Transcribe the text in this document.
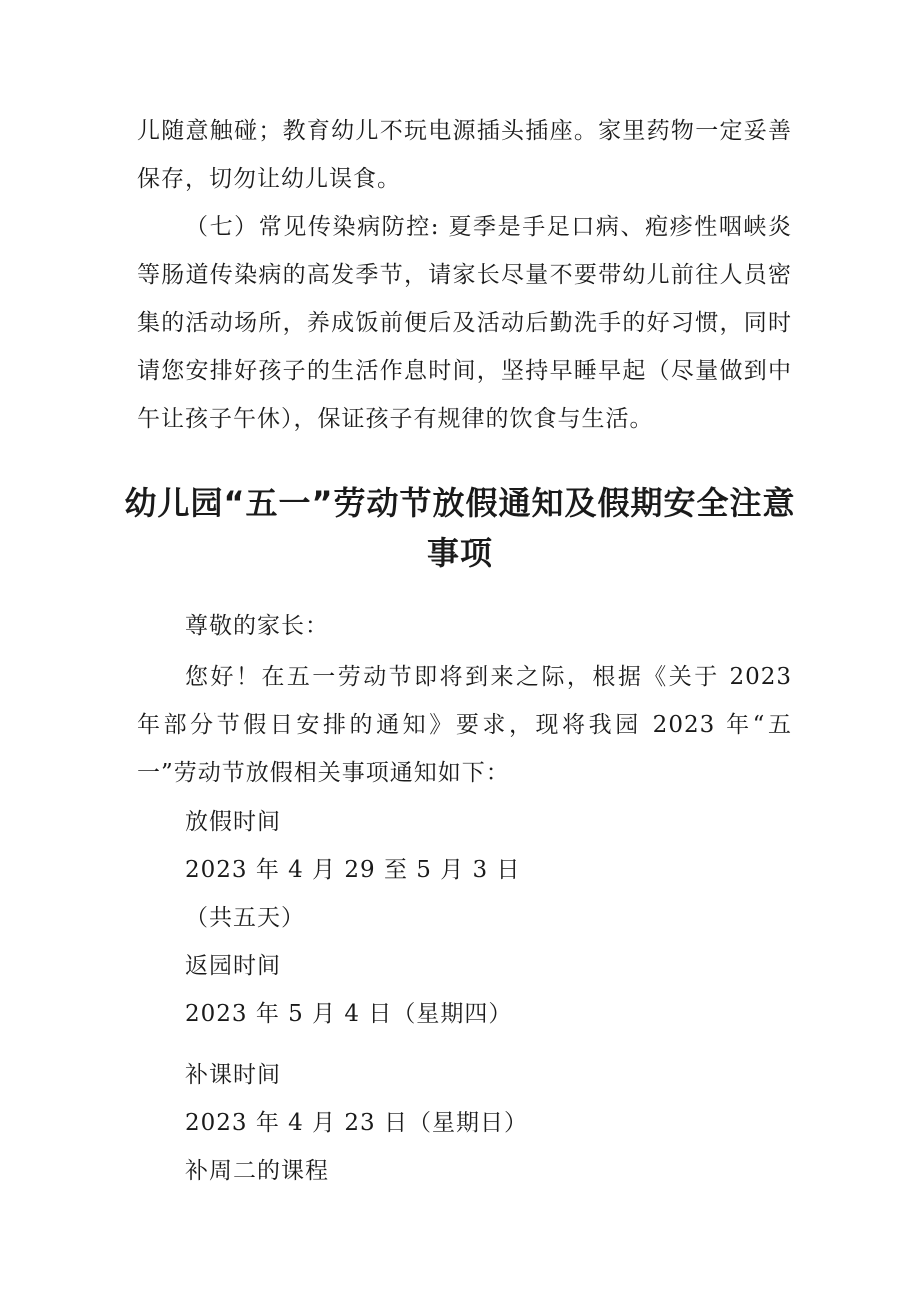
儿随意触碰；教育幼儿不玩电源插头插座。家里药物一定妥善保存，切勿让幼儿误食。

（七）常见传染病防控: 夏季是手足口病、疱疹性咽峡炎等肠道传染病的高发季节，请家长尽量不要带幼儿前往人员密集的活动场所，养成饭前便后及活动后勤洗手的好习惯，同时请您安排好孩子的生活作息时间，坚持早睡早起（尽量做到中午让孩子午休），保证孩子有规律的饮食与生活。

幼儿园“五一”劳动节放假通知及假期安全注意事项

尊敬的家长：

您好！在五一劳动节即将到来之际，根据《关于 2023 年部分节假日安排的通知》要求，现将我园 2023 年“五一”劳动节放假相关事项通知如下：

放假时间

2023 年 4 月 29 至 5 月 3 日

（共五天）

返园时间

2023 年 5 月 4 日（星期四）

补课时间

2023 年 4 月 23 日（星期日）

补周二的课程
